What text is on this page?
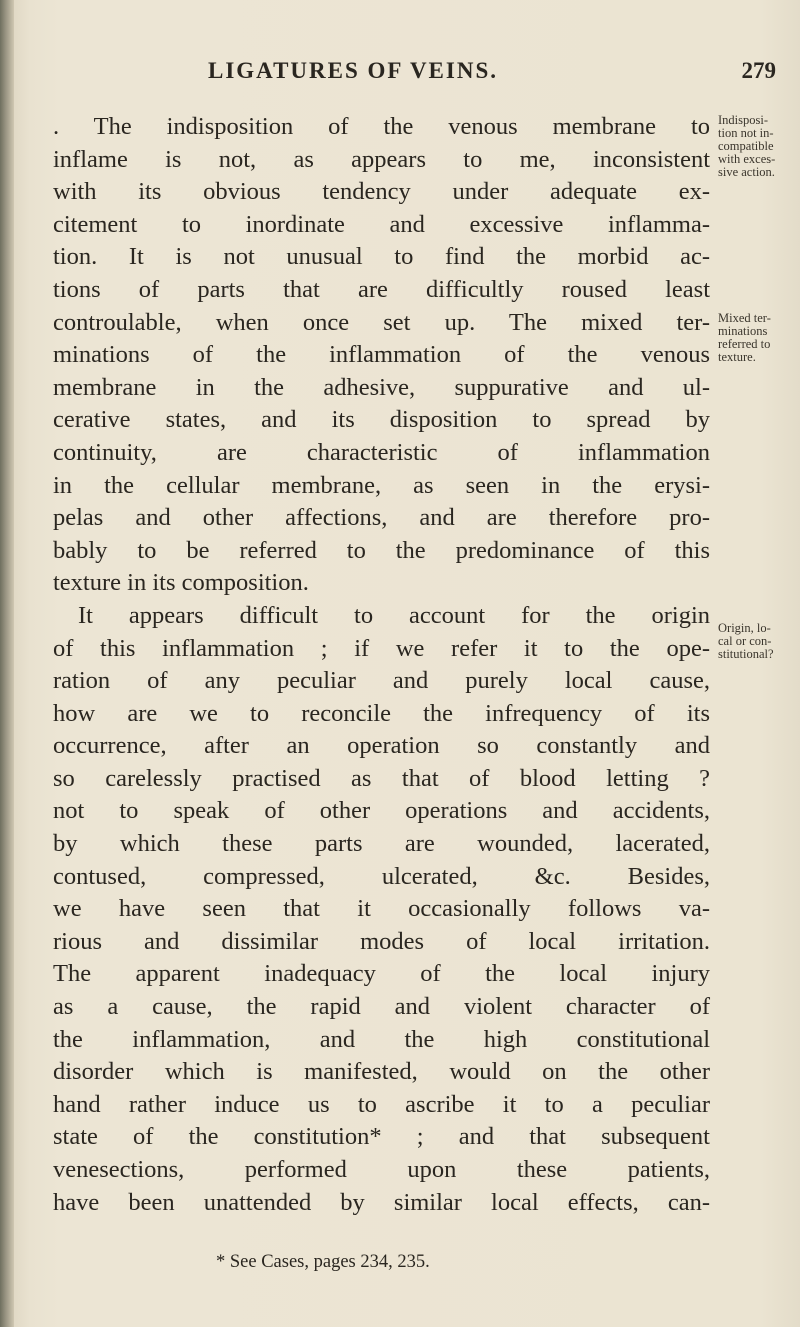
LIGATURES OF VEINS.	279
. The indisposition of the venous membrane to
inflame is not, as appears to me, inconsistent
with its obvious tendency under adequate ex-
citement to inordinate and excessive inflamma-
tion. It is not unusual to find the morbid ac-
tions of parts that are difficultly roused least
controulable, when once set up. The mixed ter-
minations of the inflammation of the venous
membrane in the adhesive, suppurative and ul-
cerative states, and its disposition to spread by
continuity, are characteristic of inflammation
in the cellular membrane, as seen in the erysi-
pelas and other affections, and are therefore pro-
bably to be referred to the predominance of this
texture in its composition.
It appears difficult to account for the origin
of this inflammation ; if we refer it to the ope-
ration of any peculiar and purely local cause,
how are we to reconcile the infrequency of its
occurrence, after an operation so constantly and
so carelessly practised as that of blood letting ?
not to speak of other operations and accidents,
by which these parts are wounded, lacerated,
contused, compressed, ulcerated, &c. Besides,
we have seen that it occasionally follows va-
rious and dissimilar modes of local irritation.
The apparent inadequacy of the local injury
as a cause, the rapid and violent character of
the inflammation, and the high constitutional
disorder which is manifested, would on the other
hand rather induce us to ascribe it to a peculiar
state of the constitution* ; and that subsequent
venesections, performed upon these patients,
have been unattended by similar local effects, can-
Indisposi-
tion not in-
compatible
with exces-
sive action.
Mixed ter-
minations
referred to
texture.
Origin, lo-
cal or con-
stitutional?
* See Cases, pages 234, 235.
